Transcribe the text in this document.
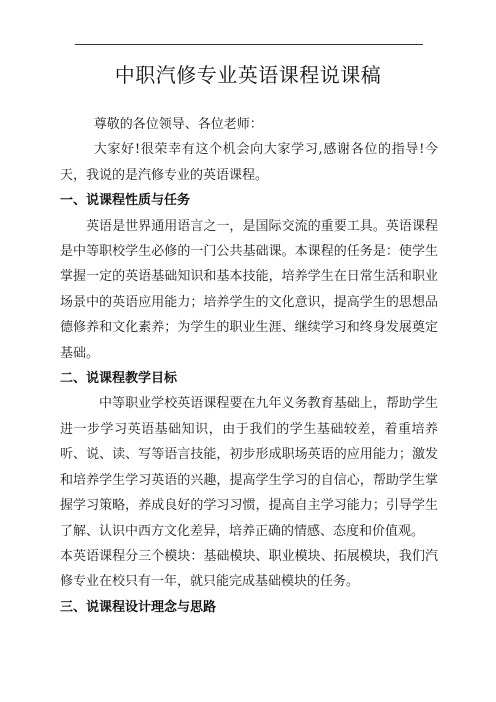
中职汽修专业英语课程说课稿

尊敬的各位领导、各位老师：

大家好!很荣幸有这个机会向大家学习,感谢各位的指导!今天，我说的是汽修专业的英语课程。

一、说课程性质与任务

英语是世界通用语言之一，是国际交流的重要工具。英语课程是中等职校学生必修的一门公共基础课。本课程的任务是：使学生掌握一定的英语基础知识和基本技能，培养学生在日常生活和职业场景中的英语应用能力；培养学生的文化意识，提高学生的思想品德修养和文化素养；为学生的职业生涯、继续学习和终身发展奠定基础。

二、说课程教学目标

中等职业学校英语课程要在九年义务教育基础上，帮助学生进一步学习英语基础知识，由于我们的学生基础较差，着重培养听、说、读、写等语言技能，初步形成职场英语的应用能力；激发和培养学生学习英语的兴趣，提高学生学习的自信心，帮助学生掌握学习策略，养成良好的学习习惯，提高自主学习能力；引导学生了解、认识中西方文化差异，培养正确的情感、态度和价值观。

本英语课程分三个模块：基础模块、职业模块、拓展模块，我们汽修专业在校只有一年，就只能完成基础模块的任务。

三、说课程设计理念与思路
